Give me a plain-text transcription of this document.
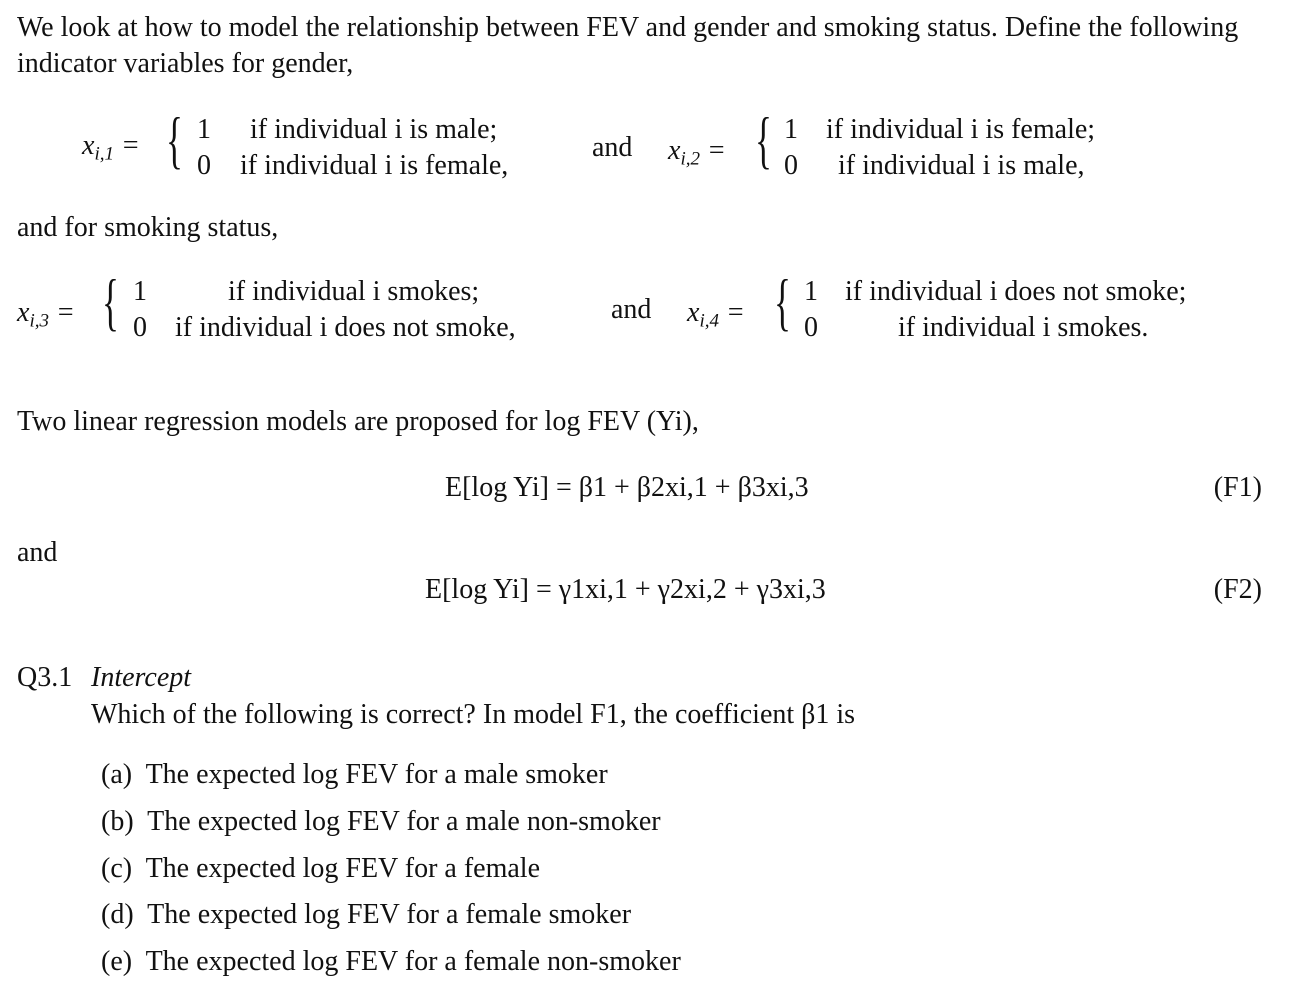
We look at how to model the relationship between FEV and gender and smoking status. Define the following indicator variables for gender,
$x_{i,1}$ = { 1
0
if individual i is male;
if individual i is female,
and $x_{i,2}$ = { 1
0
if individual i is female;
if individual i is male,
and for smoking status,
$x_{i,3}$ = { 1
0
if individual i smokes;
if individual i does not smoke,
and $x_{i,4}$ = { 1
0
if individual i does not smoke;
if individual i smokes.
Two linear regression models are proposed for log FEV (Yi),
E[log Yi] = β1 + β2xi,1 + β3xi,3	(F1)
and
E[log Yi] = γ1xi,1 + γ2xi,2 + γ3xi,3	(F2)
Q3.1 Intercept
Which of the following is correct? In model F1, the coefficient β1 is
(a) The expected log FEV for a male smoker
(b) The expected log FEV for a male non-smoker
(c) The expected log FEV for a female
(d) The expected log FEV for a female smoker
(e) The expected log FEV for a female non-smoker
